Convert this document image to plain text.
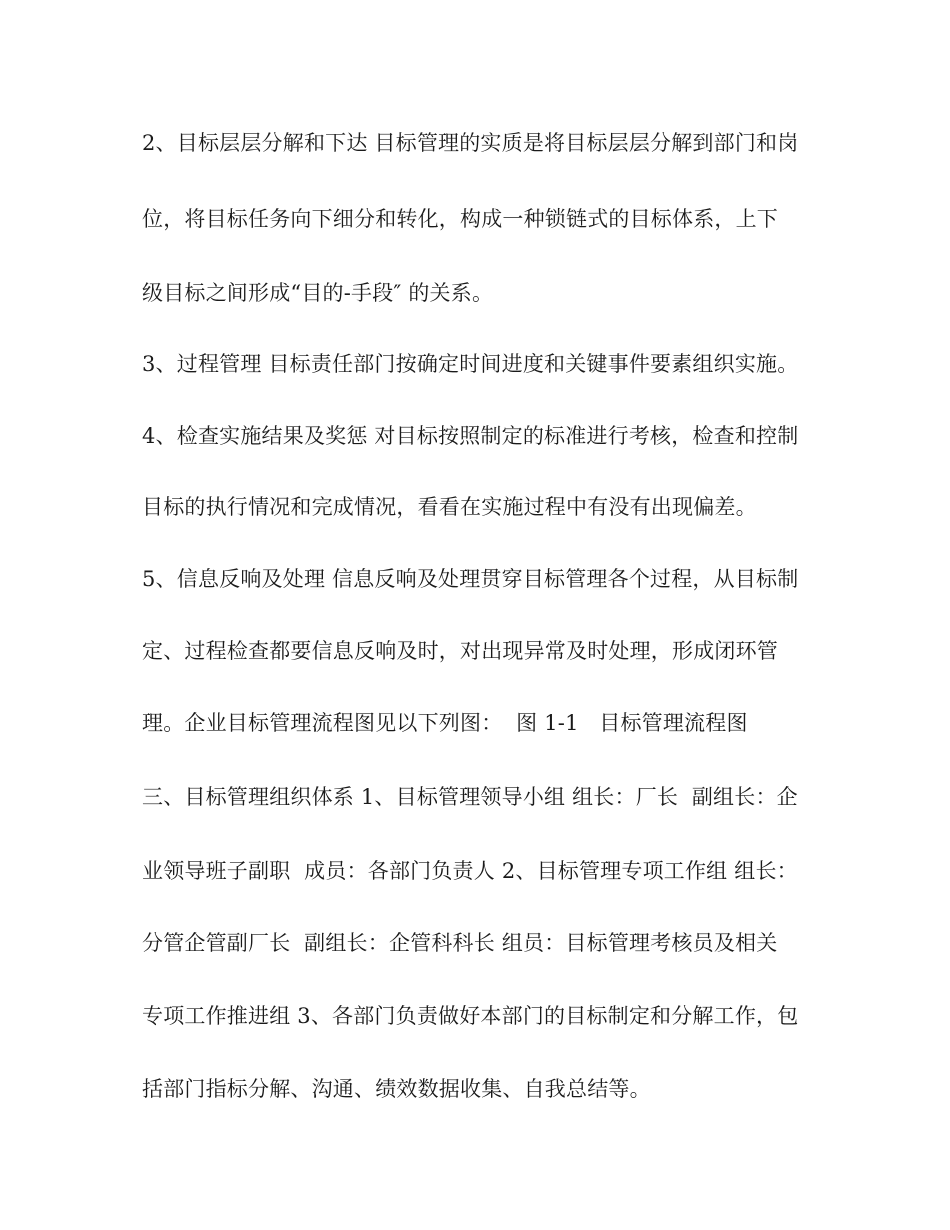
2、目标层层分解和下达 目标管理的实质是将目标层层分解到部门和岗
位，将目标任务向下细分和转化，构成一种锁链式的目标体系，上下
级目标之间形成“目的-手段″ 的关系。
3、过程管理 目标责任部门按确定时间进度和关键事件要素组织实施。
4、检查实施结果及奖惩 对目标按照制定的标准进行考核，检查和控制
目标的执行情况和完成情况，看看在实施过程中有没有出现偏差。
5、信息反响及处理 信息反响及处理贯穿目标管理各个过程，从目标制
定、过程检查都要信息反响及时，对出现异常及时处理，形成闭环管
理。企业目标管理流程图见以下列图：  图 1-1   目标管理流程图
三、目标管理组织体系 1、目标管理领导小组 组长：厂长  副组长：企
业领导班子副职  成员：各部门负责人 2、目标管理专项工作组 组长：
分管企管副厂长  副组长：企管科科长 组员：目标管理考核员及相关
专项工作推进组 3、各部门负责做好本部门的目标制定和分解工作，包
括部门指标分解、沟通、绩效数据收集、自我总结等。
